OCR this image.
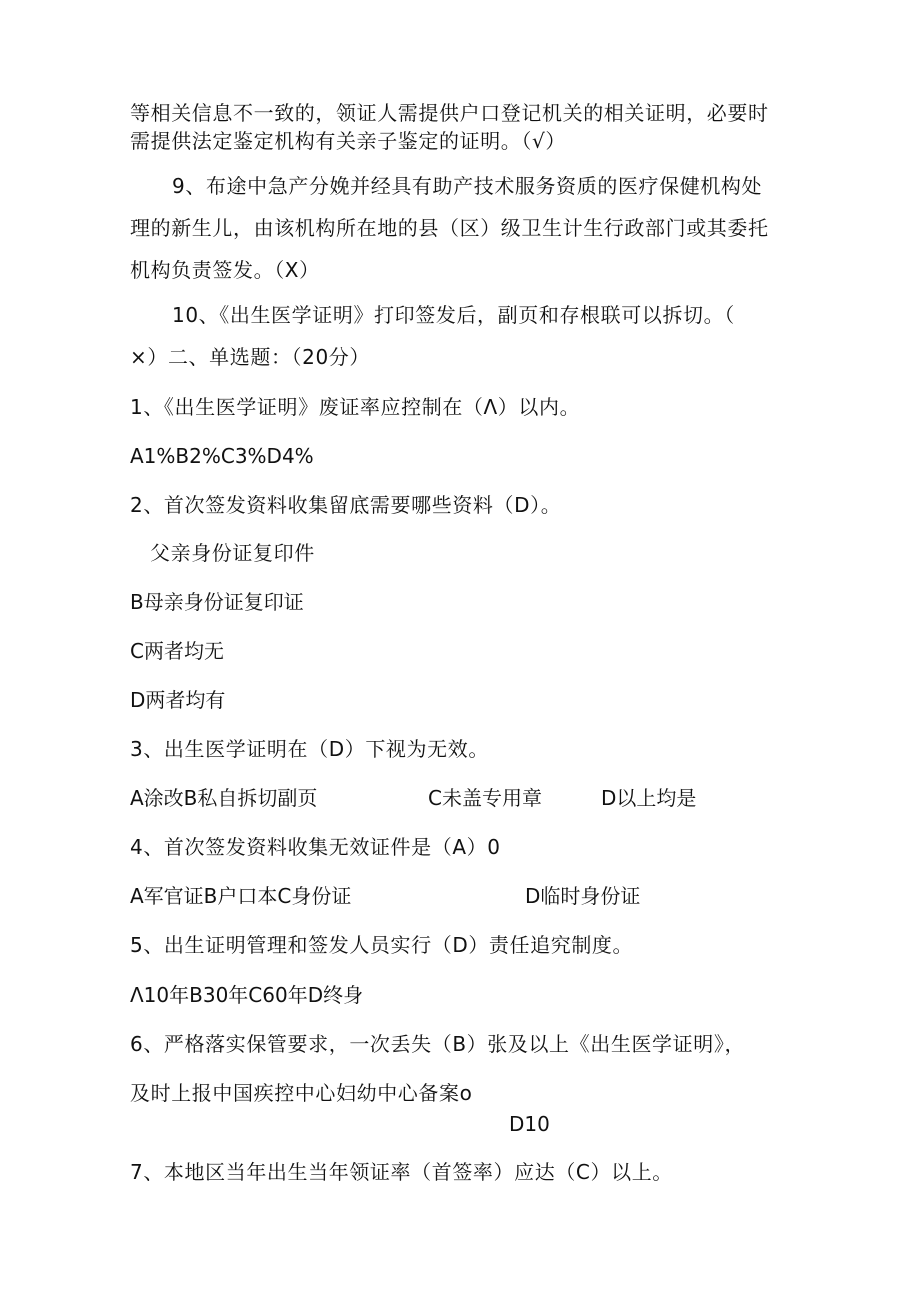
等相关信息不一致的，领证人需提供户口登记机关的相关证明，必要时
需提供法定鉴定机构有关亲子鉴定的证明。（√）
9、布途中急产分娩并经具有助产技术服务资质的医疗保健机构处
理的新生儿，由该机构所在地的县（区）级卫生计生行政部门或其委托
机构负责签发。（X）
10、《出生医学证明》打印签发后，副页和存根联可以拆切。（
×）二、单选题：（20分）
1、《出生医学证明》废证率应控制在（Λ）以内。
A1%B2%C3%D4%
2、首次签发资料收集留底需要哪些资料（D）。
父亲身份证复印件
B母亲身份证复印证
C两者均无
D两者均有
3、出生医学证明在（D）下视为无效。
A涂改B私自拆切副页	C未盖专用章	D以上均是
4、首次签发资料收集无效证件是（A）0
A军官证B户口本C身份证	D临时身份证
5、出生证明管理和签发人员实行（D）责任追究制度。
Λ10年B30年C60年D终身
6、严格落实保管要求，一次丢失（B）张及以上《出生医学证明》，
及时上报中国疾控中心妇幼中心备案o
D10
7、本地区当年出生当年领证率（首签率）应达（C）以上。
